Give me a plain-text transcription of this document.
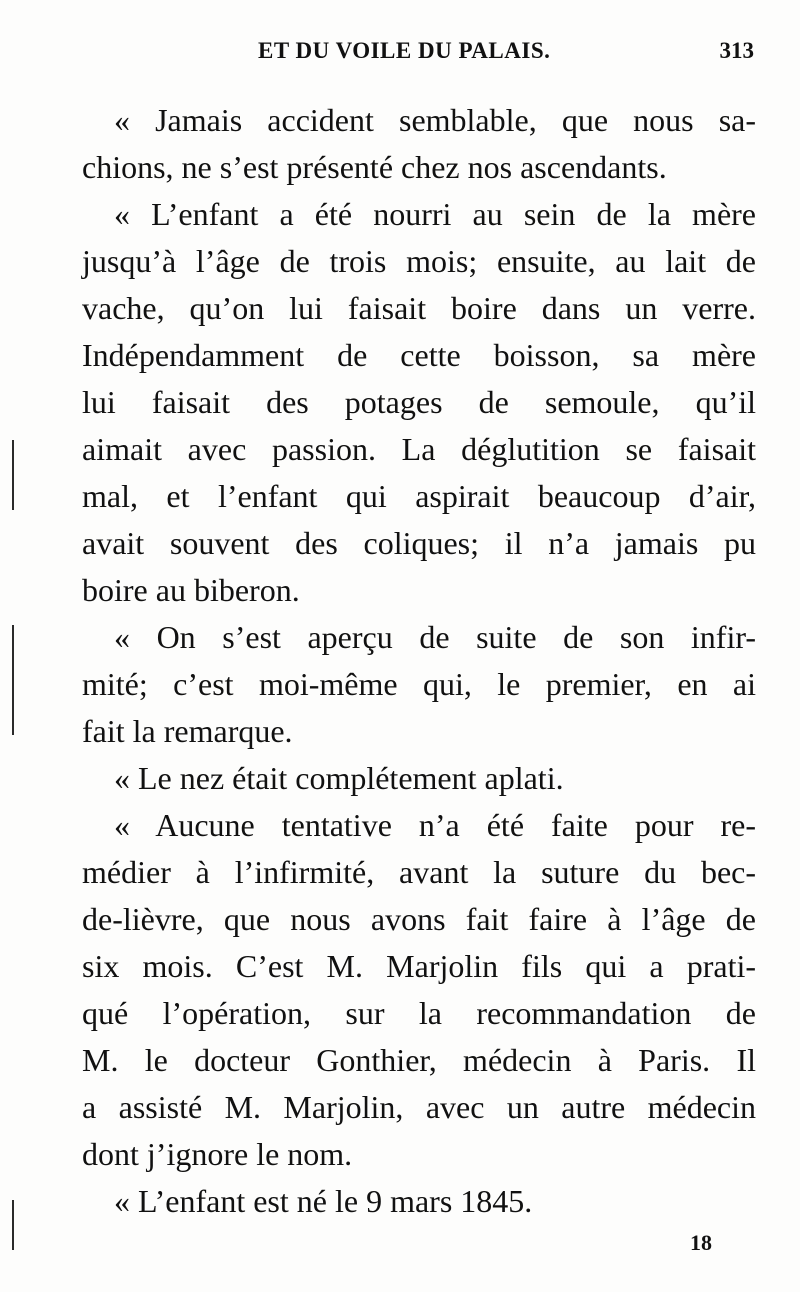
ET DU VOILE DU PALAIS.	313
« Jamais accident semblable, que nous sa-
chions, ne s’est présenté chez nos ascendants.
« L’enfant a été nourri au sein de la mère
jusqu’à l’âge de trois mois; ensuite, au lait de
vache, qu’on lui faisait boire dans un verre.
Indépendamment de cette boisson, sa mère
lui faisait des potages de semoule, qu’il
aimait avec passion. La déglutition se faisait
mal, et l’enfant qui aspirait beaucoup d’air,
avait souvent des coliques; il n’a jamais pu
boire au biberon.
« On s’est aperçu de suite de son infir-
mité; c’est moi-même qui, le premier, en ai
fait la remarque.
« Le nez était complétement aplati.
« Aucune tentative n’a été faite pour re-
médier à l’infirmité, avant la suture du bec-
de-lièvre, que nous avons fait faire à l’âge de
six mois. C’est M. Marjolin fils qui a prati-
qué l’opération, sur la recommandation de
M. le docteur Gonthier, médecin à Paris. Il
a assisté M. Marjolin, avec un autre médecin
dont j’ignore le nom.
« L’enfant est né le 9 mars 1845.
18
